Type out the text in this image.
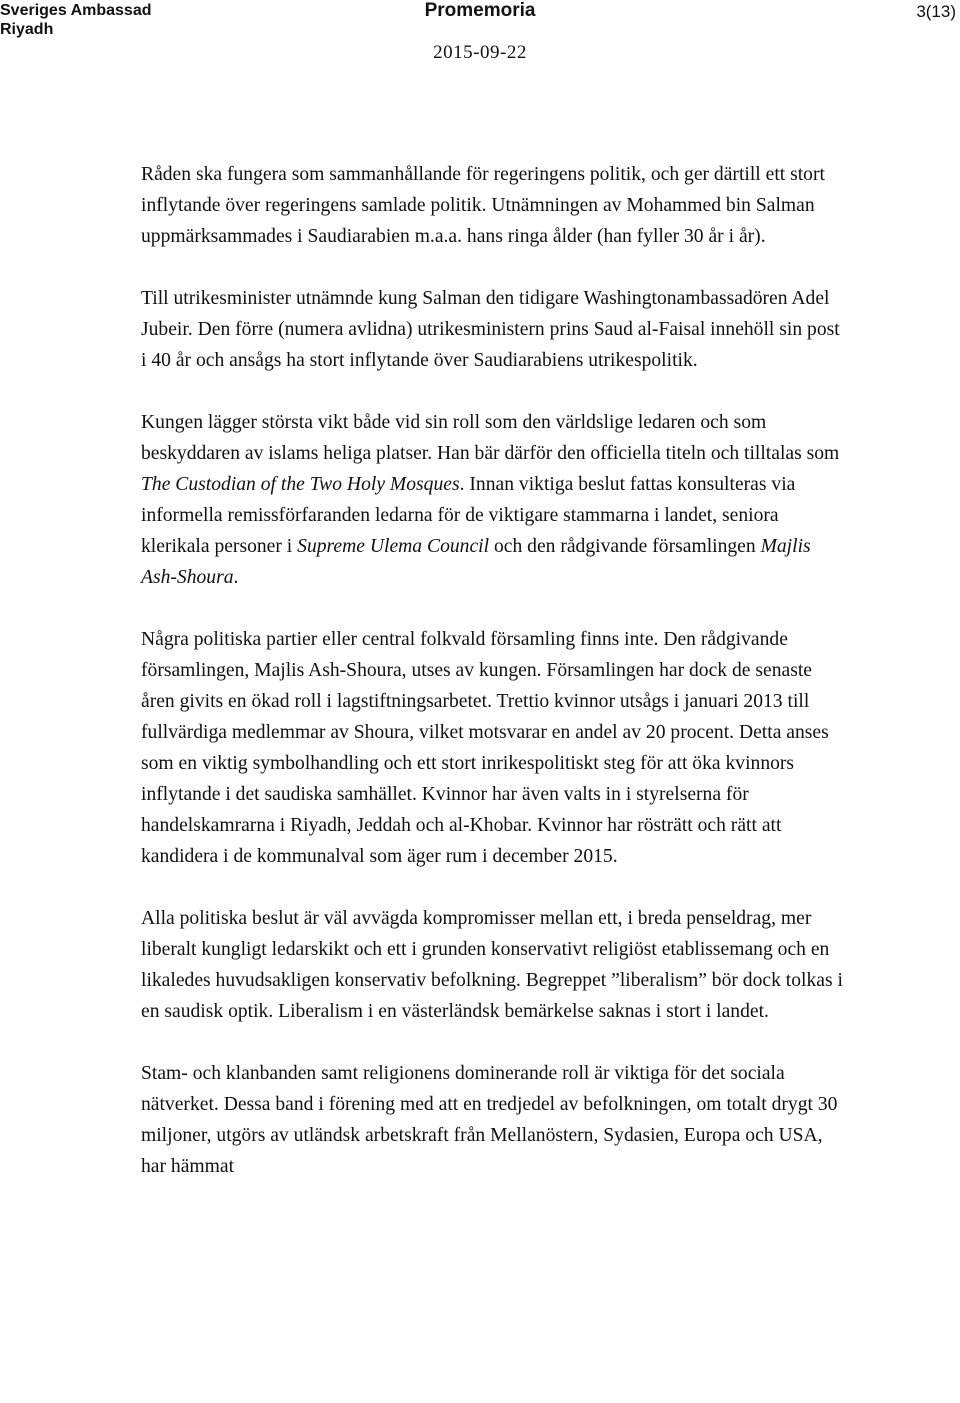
Sveriges Ambassad
Riyadh
Promemoria	3(13)
2015-09-22

Råden ska fungera som sammanhållande för regeringens politik, och ger därtill ett stort inflytande över regeringens samlade politik. Utnämningen av Mohammed bin Salman uppmärksammades i Saudiarabien m.a.a. hans ringa ålder (han fyller 30 år i år).

Till utrikesminister utnämnde kung Salman den tidigare Washingtonambassadören Adel Jubeir. Den förre (numera avlidna) utrikesministern prins Saud al-Faisal innehöll sin post i 40 år och ansågs ha stort inflytande över Saudiarabiens utrikespolitik.

Kungen lägger största vikt både vid sin roll som den världslige ledaren och som beskyddaren av islams heliga platser. Han bär därför den officiella titeln och tilltalas som The Custodian of the Two Holy Mosques. Innan viktiga beslut fattas konsulteras via informella remissförfaranden ledarna för de viktigare stammarna i landet, seniora klerikala personer i Supreme Ulema Council och den rådgivande församlingen Majlis Ash-Shoura.

Några politiska partier eller central folkvald församling finns inte. Den rådgivande församlingen, Majlis Ash-Shoura, utses av kungen. Församlingen har dock de senaste åren givits en ökad roll i lagstiftningsarbetet. Trettio kvinnor utsågs i januari 2013 till fullvärdiga medlemmar av Shoura, vilket motsvarar en andel av 20 procent. Detta anses som en viktig symbolhandling och ett stort inrikespolitiskt steg för att öka kvinnors inflytande i det saudiska samhället. Kvinnor har även valts in i styrelserna för handelskamrarna i Riyadh, Jeddah och al-Khobar. Kvinnor har rösträtt och rätt att kandidera i de kommunalval som äger rum i december 2015.

Alla politiska beslut är väl avvägda kompromisser mellan ett, i breda penseldrag, mer liberalt kungligt ledarskikt och ett i grunden konservativt religiöst etablissemang och en likaledes huvudsakligen konservativ befolkning. Begreppet ”liberalism” bör dock tolkas i en saudisk optik. Liberalism i en västerländsk bemärkelse saknas i stort i landet.

Stam- och klanbanden samt religionens dominerande roll är viktiga för det sociala nätverket. Dessa band i förening med att en tredjedel av befolkningen, om totalt drygt 30 miljoner, utgörs av utländsk arbetskraft från Mellanöstern, Sydasien, Europa och USA, har hämmat
